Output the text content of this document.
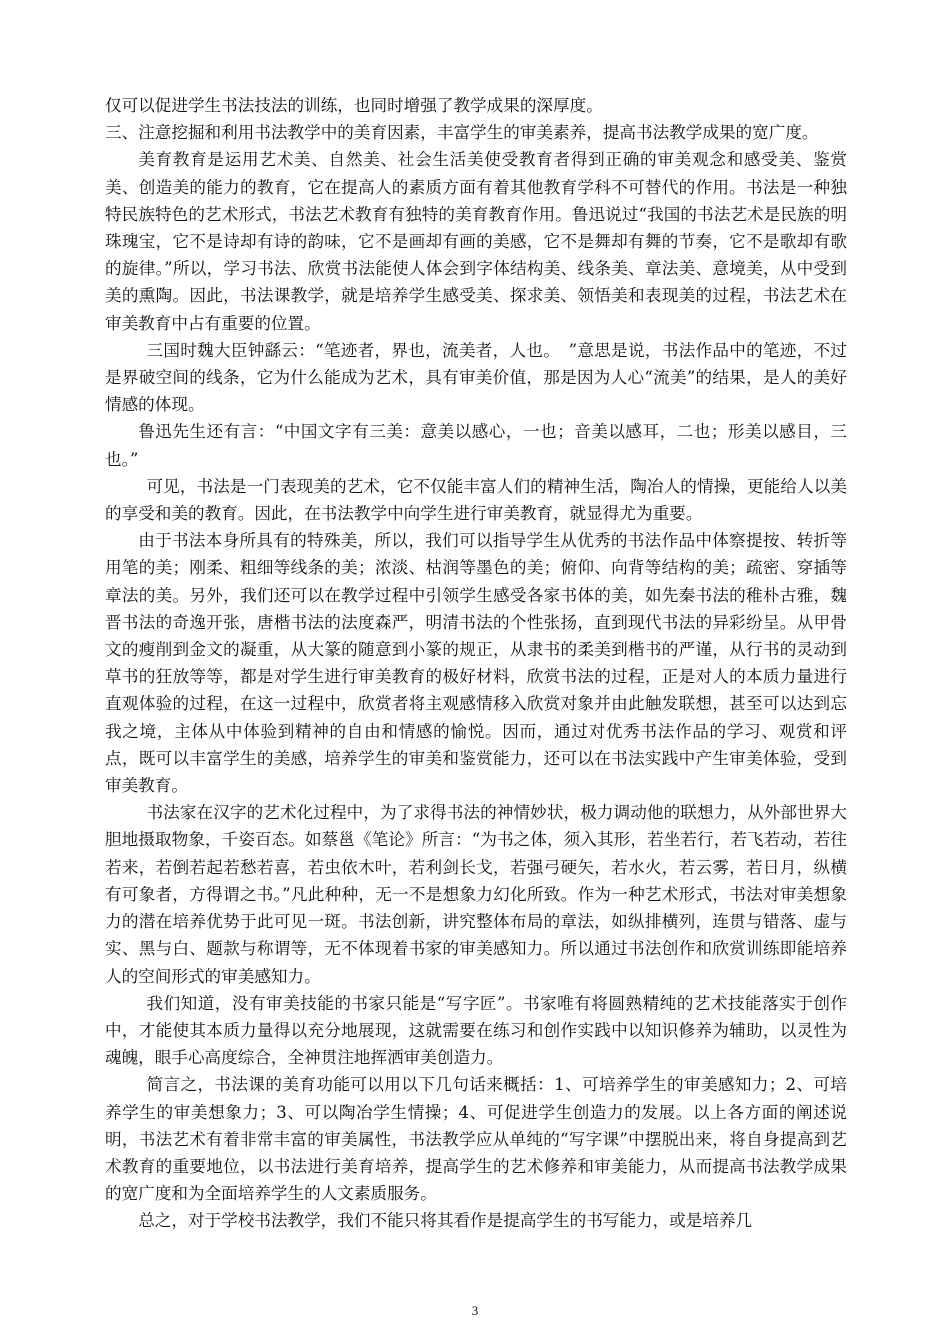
仅可以促进学生书法技法的训练，也同时增强了教学成果的深厚度。

三、注意挖掘和利用书法教学中的美育因素，丰富学生的审美素养，提高书法教学成果的宽广度。

美育教育是运用艺术美、自然美、社会生活美使受教育者得到正确的审美观念和感受美、鉴赏美、创造美的能力的教育，它在提高人的素质方面有着其他教育学科不可替代的作用。书法是一种独特民族特色的艺术形式，书法艺术教育有独特的美育教育作用。鲁迅说过“我国的书法艺术是民族的明珠瑰宝，它不是诗却有诗的韵味，它不是画却有画的美感，它不是舞却有舞的节奏，它不是歌却有歌的旋律。”所以，学习书法、欣赏书法能使人体会到字体结构美、线条美、章法美、意境美，从中受到美的熏陶。因此，书法课教学，就是培养学生感受美、探求美、领悟美和表现美的过程，书法艺术在审美教育中占有重要的位置。

三国时魏大臣钟繇云：“笔迹者，界也，流美者，人也。　”意思是说，书法作品中的笔迹，不过是界破空间的线条，它为什么能成为艺术，具有审美价值，那是因为人心“流美”的结果，是人的美好情感的体现。

鲁迅先生还有言：“中国文字有三美：意美以感心，一也；音美以感耳，二也；形美以感目，三也。”

可见，书法是一门表现美的艺术，它不仅能丰富人们的精神生活，陶冶人的情操，更能给人以美的享受和美的教育。因此，在书法教学中向学生进行审美教育，就显得尤为重要。

由于书法本身所具有的特殊美，所以，我们可以指导学生从优秀的书法作品中体察提按、转折等用笔的美；刚柔、粗细等线条的美；浓淡、枯润等墨色的美；俯仰、向背等结构的美；疏密、穿插等章法的美。另外，我们还可以在教学过程中引领学生感受各家书体的美，如先秦书法的稚朴古雅，魏晋书法的奇逸开张，唐楷书法的法度森严，明清书法的个性张扬，直到现代书法的异彩纷呈。从甲骨文的瘦削到金文的凝重，从大篆的随意到小篆的规正，从隶书的柔美到楷书的严谨，从行书的灵动到草书的狂放等等，都是对学生进行审美教育的极好材料，欣赏书法的过程，正是对人的本质力量进行直观体验的过程，在这一过程中，欣赏者将主观感情移入欣赏对象并由此触发联想，甚至可以达到忘我之境，主体从中体验到精神的自由和情感的愉悦。因而，通过对优秀书法作品的学习、观赏和评点，既可以丰富学生的美感，培养学生的审美和鉴赏能力，还可以在书法实践中产生审美体验，受到审美教育。

书法家在汉字的艺术化过程中，为了求得书法的神情妙状，极力调动他的联想力，从外部世界大胆地摄取物象，千姿百态。如蔡邕《笔论》所言：“为书之体，须入其形，若坐若行，若飞若动，若往若来，若倒若起若愁若喜，若虫依木叶，若利剑长戈，若强弓硬矢，若水火，若云雾，若日月，纵横有可象者，方得谓之书。”凡此种种，无一不是想象力幻化所致。作为一种艺术形式，书法对审美想象力的潜在培养优势于此可见一斑。书法创新，讲究整体布局的章法，如纵排横列，连贯与错落、虚与实、黑与白、题款与称谓等，无不体现着书家的审美感知力。所以通过书法创作和欣赏训练即能培养人的空间形式的审美感知力。

我们知道，没有审美技能的书家只能是“写字匠”。书家唯有将圆熟精纯的艺术技能落实于创作中，才能使其本质力量得以充分地展现，这就需要在练习和创作实践中以知识修养为辅助，以灵性为魂魄，眼手心高度综合，全神贯注地挥洒审美创造力。

简言之，书法课的美育功能可以用以下几句话来概括：1、可培养学生的审美感知力；2、可培养学生的审美想象力；3、可以陶冶学生情操；4、可促进学生创造力的发展。以上各方面的阐述说明，书法艺术有着非常丰富的审美属性，书法教学应从单纯的“写字课”中摆脱出来，将自身提高到艺术教育的重要地位，以书法进行美育培养，提高学生的艺术修养和审美能力，从而提高书法教学成果的宽广度和为全面培养学生的人文素质服务。

总之，对于学校书法教学，我们不能只将其看作是提高学生的书写能力，或是培养几

3
